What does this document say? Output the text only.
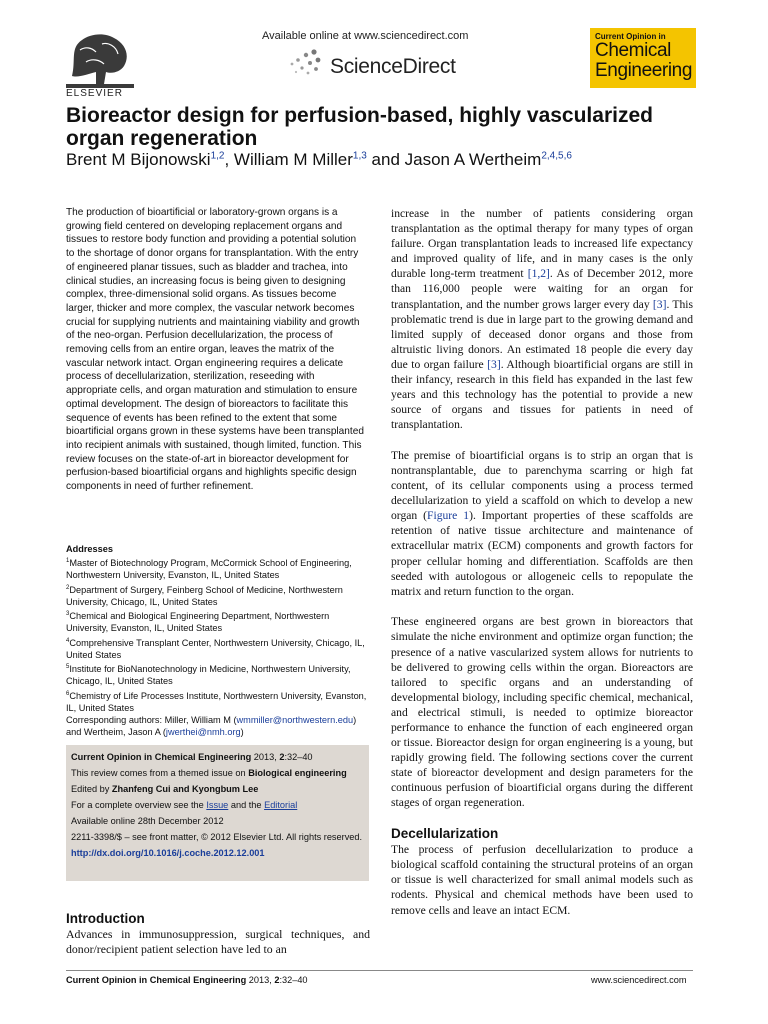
ELSEVIER
Available online at www.sciencedirect.com
ScienceDirect
Current Opinion in
Chemical
Engineering
Bioreactor design for perfusion-based, highly vascularized organ regeneration
Brent M Bijonowski$^{1,2}$, William M Miller$^{1,3}$ and Jason A Wertheim$^{2,4,5,6}$

The production of bioartificial or laboratory-grown organs is a growing field centered on developing replacement organs and tissues to restore body function and providing a potential solution to the shortage of donor organs for transplantation. With the entry of engineered planar tissues, such as bladder and trachea, into clinical studies, an increasing focus is being given to designing complex, three-dimensional solid organs. As tissues become larger, thicker and more complex, the vascular network becomes crucial for supplying nutrients and maintaining viability and growth of the neo-organ. Perfusion decellularization, the process of removing cells from an entire organ, leaves the matrix of the vascular network intact. Organ engineering requires a delicate process of decellularization, sterilization, reseeding with appropriate cells, and organ maturation and stimulation to ensure optimal development. The design of bioreactors to facilitate this sequence of events has been refined to the extent that some bioartificial organs grown in these systems have been transplanted into recipient animals with sustained, though limited, function. This review focuses on the state-of-art in bioreactor development for perfusion-based bioartificial organs and highlights specific design components in need of further refinement.

Addresses
$^1$Master of Biotechnology Program, McCormick School of Engineering, Northwestern University, Evanston, IL, United States
$^2$Department of Surgery, Feinberg School of Medicine, Northwestern University, Chicago, IL, United States
$^3$Chemical and Biological Engineering Department, Northwestern University, Evanston, IL, United States
$^4$Comprehensive Transplant Center, Northwestern University, Chicago, IL, United States
$^5$Institute for BioNanotechnology in Medicine, Northwestern University, Chicago, IL, United States
$^6$Chemistry of Life Processes Institute, Northwestern University, Evanston, IL, United States
Corresponding authors: Miller, William M (wmmiller@northwestern.edu) and Wertheim, Jason A (jwerthei@nmh.org)
Current Opinion in Chemical Engineering 2013, 2:32–40
This review comes from a themed issue on Biological engineering
Edited by Zhanfeng Cui and Kyongbum Lee
For a complete overview see the Issue and the Editorial
Available online 28th December 2012
2211-3398/$ – see front matter, © 2012 Elsevier Ltd. All rights reserved.
http://dx.doi.org/10.1016/j.coche.2012.12.001
Introduction

Advances in immunosuppression, surgical techniques, and donor/recipient patient selection have led to an

increase in the number of patients considering organ transplantation as the optimal therapy for many types of organ failure. Organ transplantation leads to increased life expectancy and improved quality of life, and in many cases is the only durable long-term treatment [1,2]. As of December 2012, more than 116,000 people were waiting for an organ for transplantation, and the number grows larger every day [3]. This problematic trend is due in large part to the growing demand and limited supply of deceased donor organs and those from altruistic living donors. An estimated 18 people die every day due to organ failure [3]. Although bioartificial organs are still in their infancy, research in this field has expanded in the last few years and this technology has the potential to provide a new source of organs and tissues for patients in need of transplantation.

The premise of bioartificial organs is to strip an organ that is nontransplantable, due to parenchyma scarring or high fat content, of its cellular components using a process termed decellularization to yield a scaffold on which to develop a new organ (Figure 1). Important properties of these scaffolds are retention of native tissue architecture and maintenance of extracellular matrix (ECM) components and growth factors for proper cellular homing and differentiation. Scaffolds are then seeded with autologous or allogeneic cells to repopulate the matrix and return function to the organ.

These engineered organs are best grown in bioreactors that simulate the niche environment and optimize organ function; the presence of a native vascularized system allows for nutrients to be delivered to growing cells within the organ. Bioreactors are tailored to specific organs and an understanding of developmental biology, including specific chemical, mechanical, and electrical stimuli, is needed to optimize bioreactor performance to enhance the function of each engineered organ or tissue. Bioreactor design for organ engineering is a young, but rapidly growing field. The following sections cover the current state of bioreactor development and design parameters for the continuous perfusion of bioartificial organs during the different stages of organ regeneration.

Decellularization

The process of perfusion decellularization to produce a biological scaffold containing the structural proteins of an organ or tissue is well characterized for small animal models such as rodents. Physical and chemical methods have been used to remove cells and leave an intact ECM.

Current Opinion in Chemical Engineering 2013, 2:32–40	www.sciencedirect.com
